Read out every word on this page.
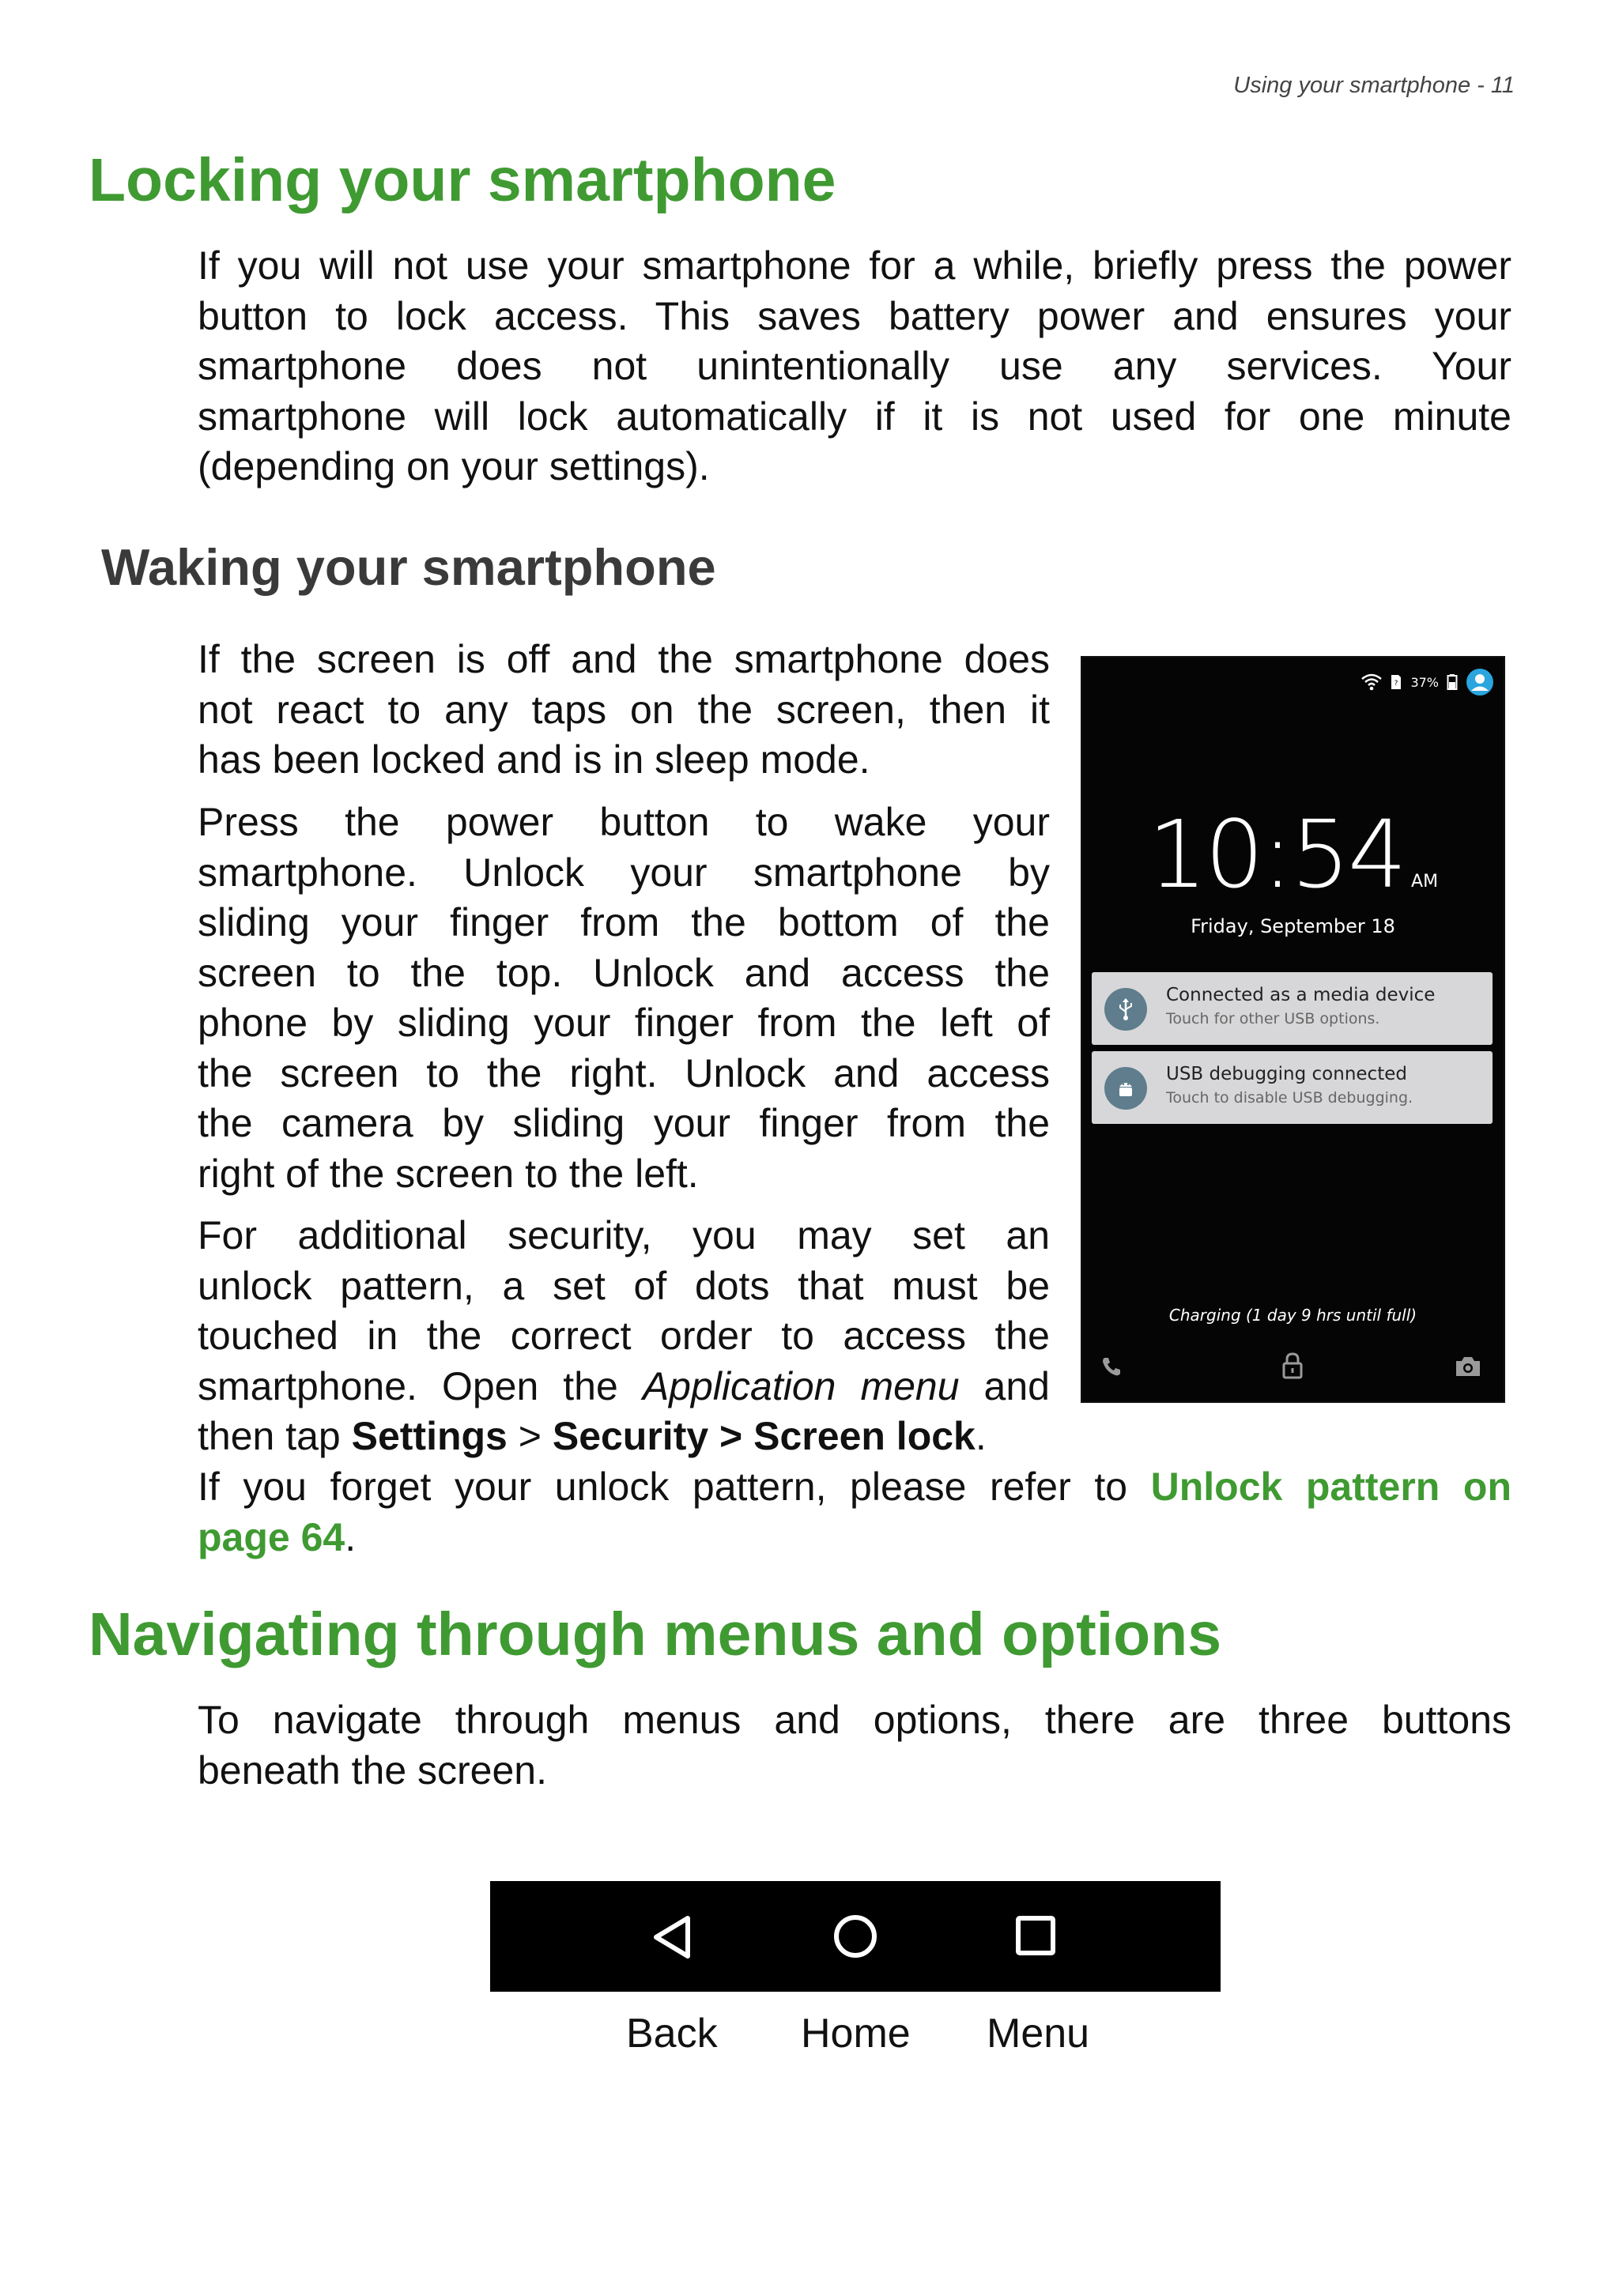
Using your smartphone - 11
Locking your smartphone
If you will not use your smartphone for a while, briefly press the power
button to lock access. This saves battery power and ensures your
smartphone does not unintentionally use any services. Your
smartphone will lock automatically if it is not used for one minute
(depending on your settings).
Waking your smartphone
If the screen is off and the smartphone does
not react to any taps on the screen, then it
has been locked and is in sleep mode.
Press the power button to wake your
smartphone. Unlock your smartphone by
sliding your finger from the bottom of the
screen to the top. Unlock and access the
phone by sliding your finger from the left of
the screen to the right. Unlock and access
the camera by sliding your finger from the
right of the screen to the left.
For additional security, you may set an
unlock pattern, a set of dots that must be
touched in the correct order to access the
smartphone. Open the Application menu and
then tap Settings > Security > Screen lock.
If you forget your unlock pattern, please refer to Unlock pattern on
page 64.
? 37%
10:54 AM
Friday, September 18
Connected as a media device
Touch for other USB options.
USB debugging connected
Touch to disable USB debugging.
Charging (1 day 9 hrs until full)
Navigating through menus and options
To navigate through menus and options, there are three buttons
beneath the screen.
Back Home Menu
